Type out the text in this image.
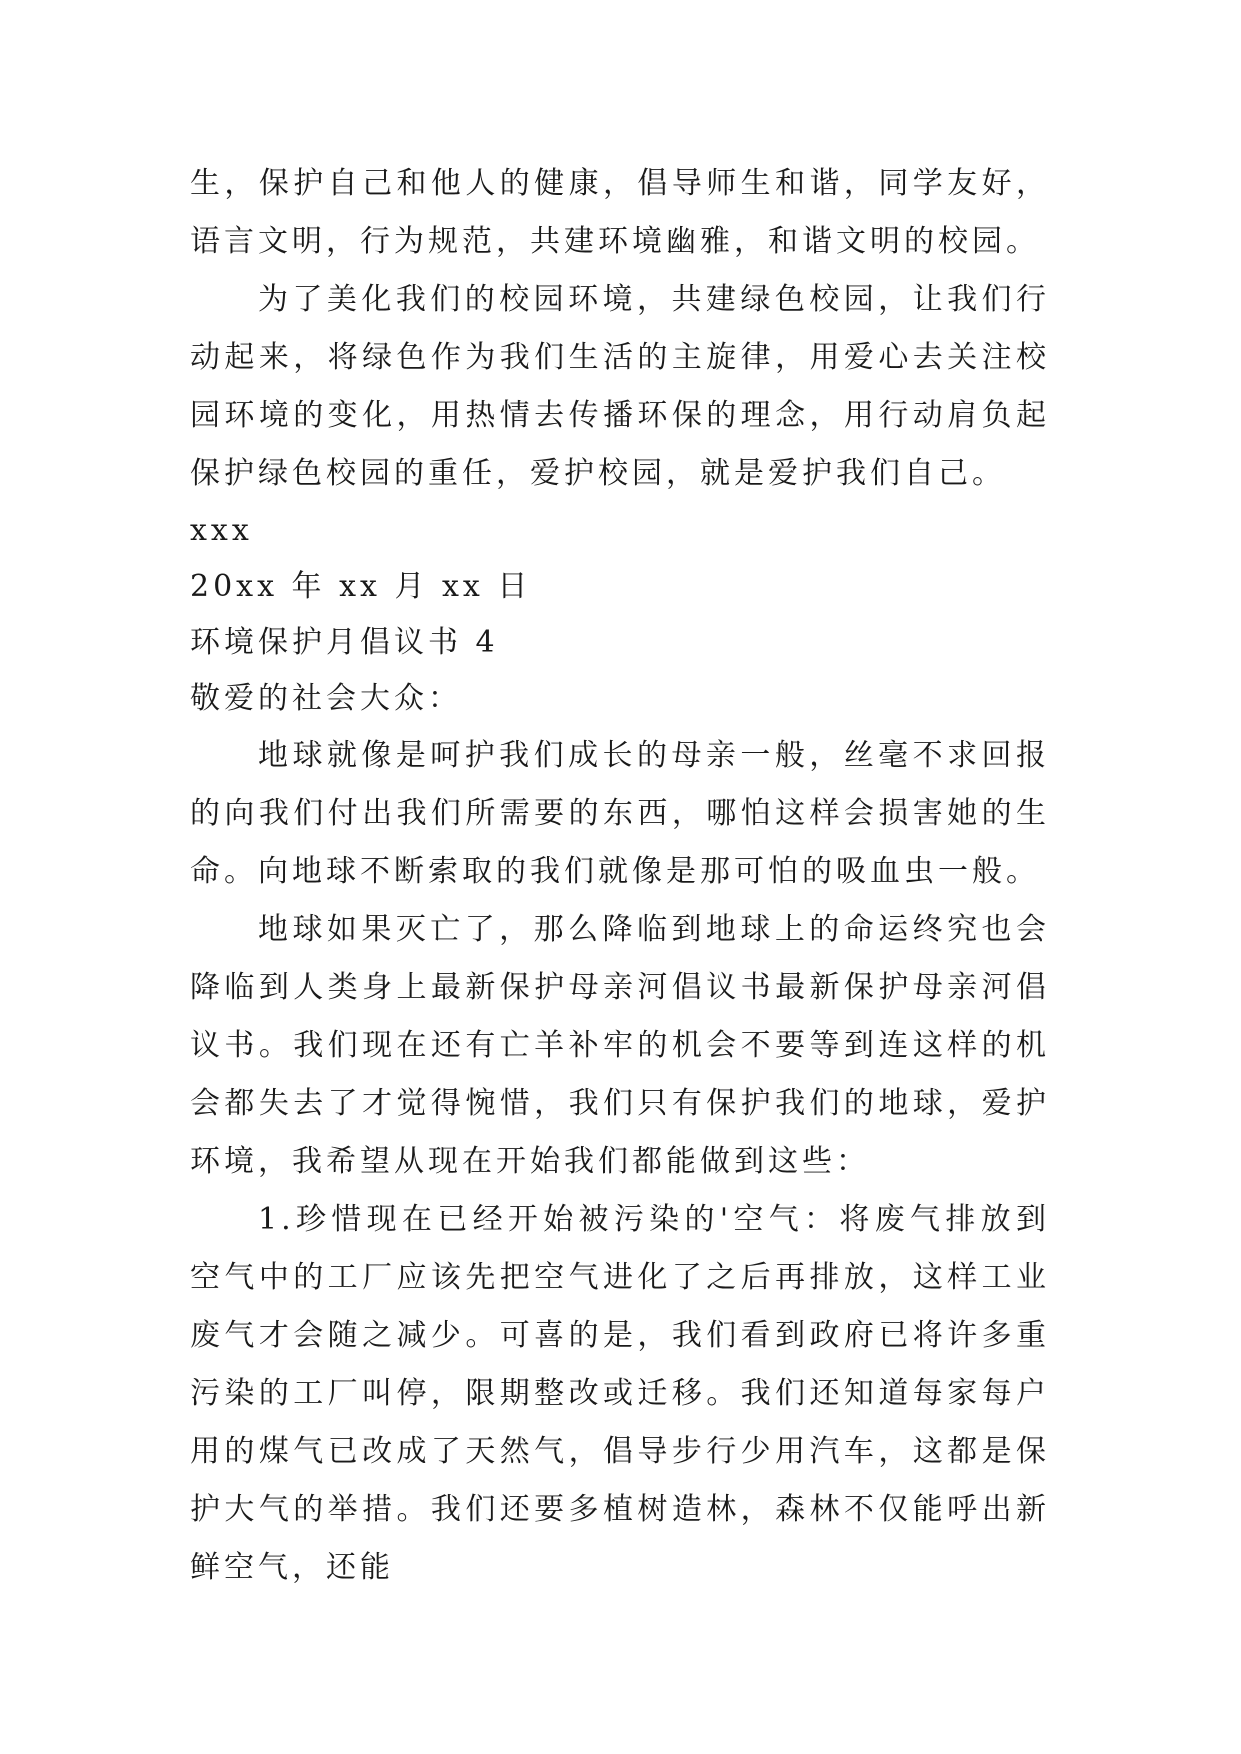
生，保护自己和他人的健康，倡导师生和谐，同学友好，语言文明，行为规范，共建环境幽雅，和谐文明的校园。

为了美化我们的校园环境，共建绿色校园，让我们行动起来，将绿色作为我们生活的主旋律，用爱心去关注校园环境的变化，用热情去传播环保的理念，用行动肩负起保护绿色校园的重任，爱护校园，就是爱护我们自己。

xxx

20xx 年 xx 月 xx 日

环境保护月倡议书 4

敬爱的社会大众：

地球就像是呵护我们成长的母亲一般，丝毫不求回报的向我们付出我们所需要的东西，哪怕这样会损害她的生命。向地球不断索取的我们就像是那可怕的吸血虫一般。

地球如果灭亡了，那么降临到地球上的命运终究也会降临到人类身上最新保护母亲河倡议书最新保护母亲河倡议书。我们现在还有亡羊补牢的机会不要等到连这样的机会都失去了才觉得惋惜，我们只有保护我们的地球，爱护环境，我希望从现在开始我们都能做到这些：

1.珍惜现在已经开始被污染的'空气：将废气排放到空气中的工厂应该先把空气进化了之后再排放，这样工业废气才会随之减少。可喜的是，我们看到政府已将许多重污染的工厂叫停，限期整改或迁移。我们还知道每家每户用的煤气已改成了天然气，倡导步行少用汽车，这都是保护大气的举措。我们还要多植树造林，森林不仅能呼出新鲜空气，还能
